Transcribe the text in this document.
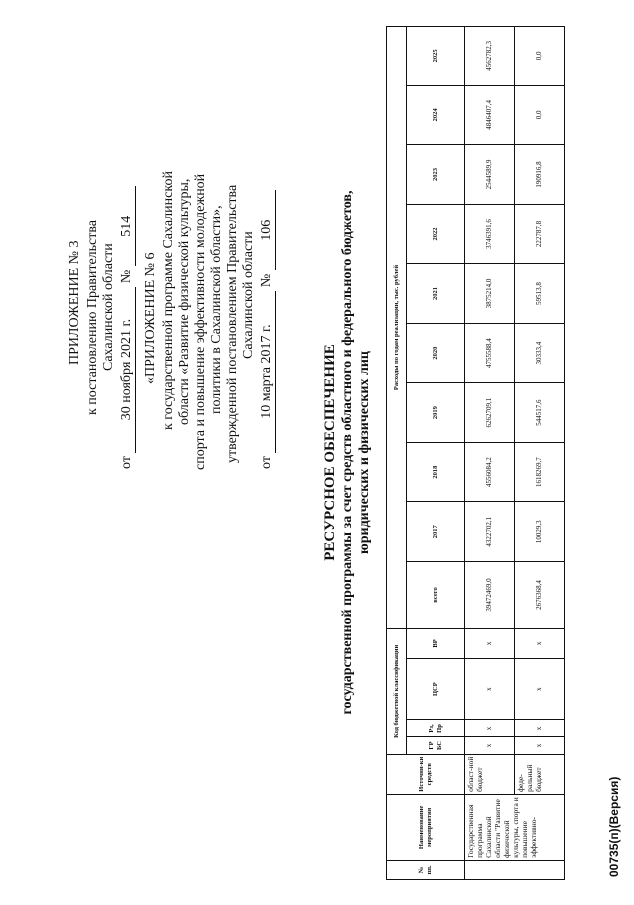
ПРИЛОЖЕНИЕ № 3 к постановлению Правительства Сахалинской области
от 30 ноября 2021 г. № 514
«ПРИЛОЖЕНИЕ № 6 к государственной программе Сахалинской области «Развитие физической культуры, спорта и повышение эффективности молодежной политики в Сахалинской области», утвержденной постановлением Правительства Сахалинской области
от 10 марта 2017 г. № 106
РЕСУРСНОЕ ОБЕСПЕЧЕНИЕ государственной программы за счет средств областного и федерального бюджетов, юридических и физических лиц
№ пп.	Наименование мероприятия	Источни-ки средств	Код бюджетной классификации				Расходы по годам реализации, тыс. рублей									
			ГР БС	Рз, Пр	ЦСР	ВР	всего	2017	2018	2019	2020	2021	2022	2023	2024	2025
	Государственная программа Сахалинской области "Развитие физической культуры, спорта и повышение эффективно-	област-ной бюджет	x	x	x	x	39472469,0	4322702,1	4556084,2	6262709,1	4755588,4	3875214,0	3746391,6	2544589,9	4846407,4	4562782,3
		феде-ральный бюджет	x	x	x	x	2676368,4	10029,3	1618269,7	544517,6	30333,4	59513,8	222787,8	190916,8	0,0	0,0
00735(п)(Версия)
